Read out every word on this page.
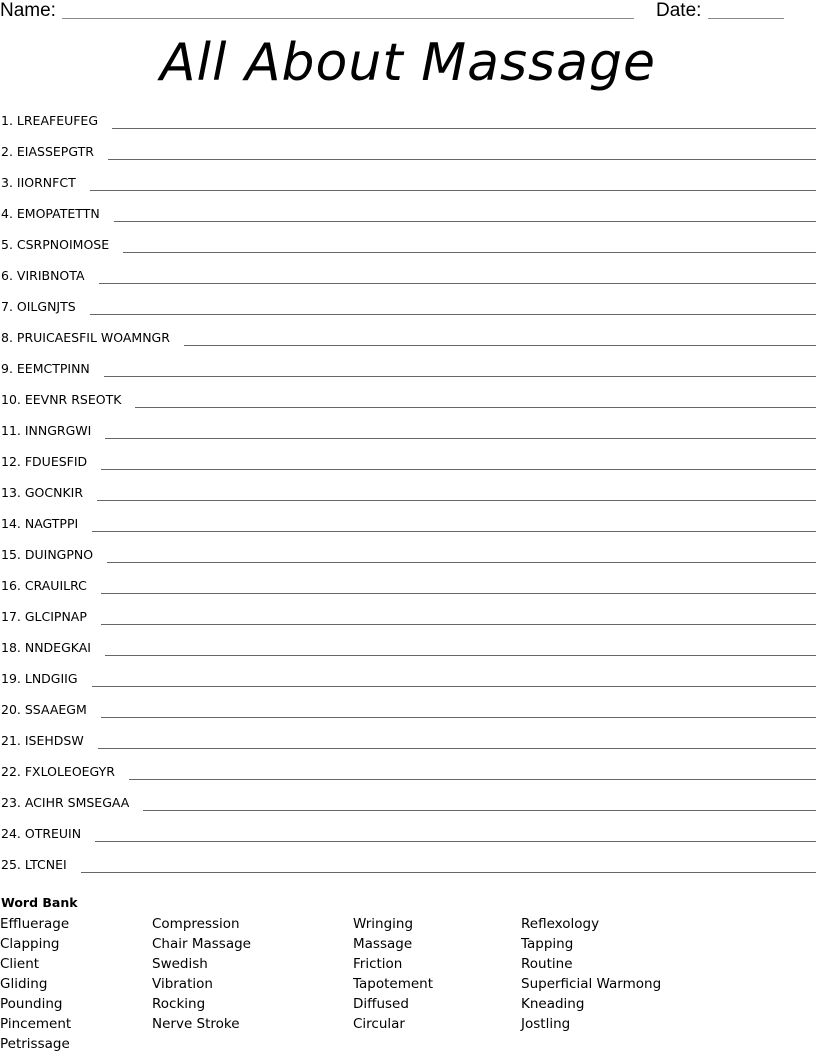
Name:	Date:
All About Massage
1. LREAFEUFEG
2. EIASSEPGTR
3. IIORNFCT
4. EMOPATETTN
5. CSRPNOIMOSE
6. VIRIBNOTA
7. OILGNJTS
8. PRUICAESFIL WOAMNGR
9. EEMCTPINN
10. EEVNR RSEOTK
11. INNGRGWI
12. FDUESFID
13. GOCNKIR
14. NAGTPPI
15. DUINGPNO
16. CRAUILRC
17. GLCIPNAP
18. NNDEGKAI
19. LNDGIIG
20. SSAAEGM
21. ISEHDSW
22. FXLOLEOEGYR
23. ACIHR SMSEGAA
24. OTREUIN
25. LTCNEI
Word Bank
Effluerage
Clapping
Client
Gliding
Pounding
Pincement
Petrissage
Compression
Chair Massage
Swedish
Vibration
Rocking
Nerve Stroke
Wringing
Massage
Friction
Tapotement
Diffused
Circular
Reflexology
Tapping
Routine
Superficial Warmong
Kneading
Jostling
